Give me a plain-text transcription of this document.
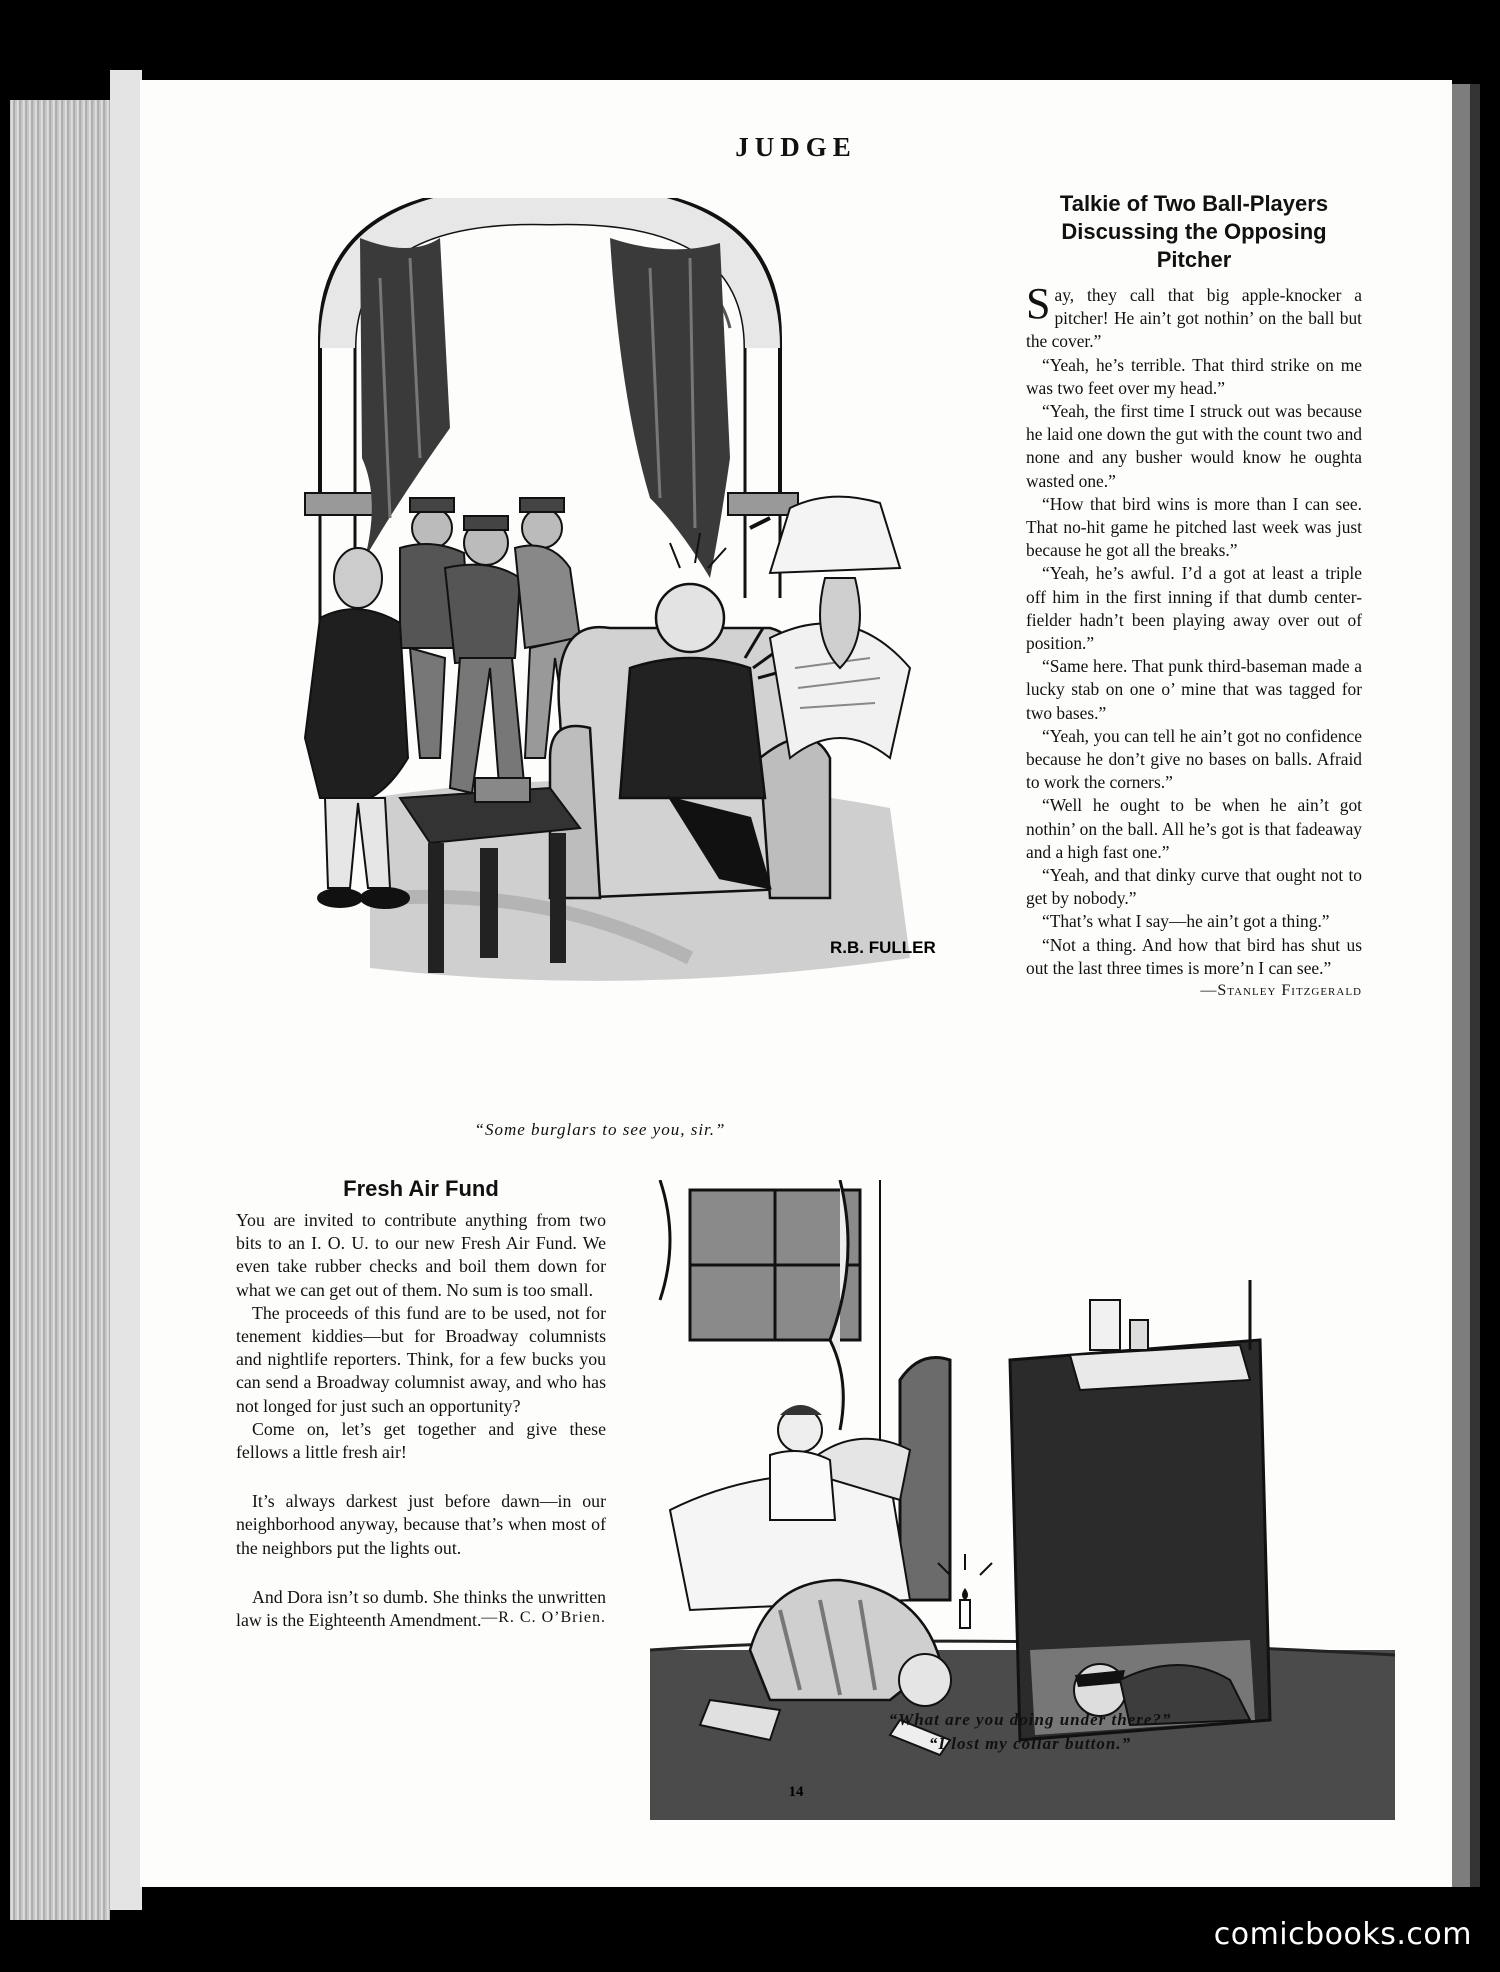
JUDGE
R.B. FULLER
“Some burglars to see you, sir.”
Talkie of Two Ball-Players Discussing the Opposing Pitcher

Say, they call that big apple-knocker a pitcher! He ain’t got nothin’ on the ball but the cover.”

“Yeah, he’s terrible. That third strike on me was two feet over my head.”

“Yeah, the first time I struck out was because he laid one down the gut with the count two and none and any busher would know he oughta wasted one.”

“How that bird wins is more than I can see. That no-hit game he pitched last week was just because he got all the breaks.”

“Yeah, he’s awful. I’d a got at least a triple off him in the first inning if that dumb center-fielder hadn’t been playing away over out of position.”

“Same here. That punk third-baseman made a lucky stab on one o’ mine that was tagged for two bases.”

“Yeah, you can tell he ain’t got no confidence because he don’t give no bases on balls. Afraid to work the corners.”

“Well he ought to be when he ain’t got nothin’ on the ball. All he’s got is that fadeaway and a high fast one.”

“Yeah, and that dinky curve that ought not to get by nobody.”

“That’s what I say—he ain’t got a thing.”

“Not a thing. And how that bird has shut us out the last three times is more’n I can see.”

—Stanley Fitzgerald
Fresh Air Fund

You are invited to contribute anything from two bits to an I. O. U. to our new Fresh Air Fund. We even take rubber checks and boil them down for what we can get out of them. No sum is too small.

The proceeds of this fund are to be used, not for tenement kiddies—but for Broadway columnists and nightlife reporters. Think, for a few bucks you can send a Broadway columnist away, and who has not longed for just such an opportunity?

Come on, let’s get together and give these fellows a little fresh air!

It’s always darkest just before dawn—in our neighborhood anyway, because that’s when most of the neighbors put the lights out.

And Dora isn’t so dumb. She thinks the unwritten law is the Eighteenth Amendment. —R. C. O’Brien.
“What are you doing under there?”
“I lost my collar button.”
14
comicbooks.com
